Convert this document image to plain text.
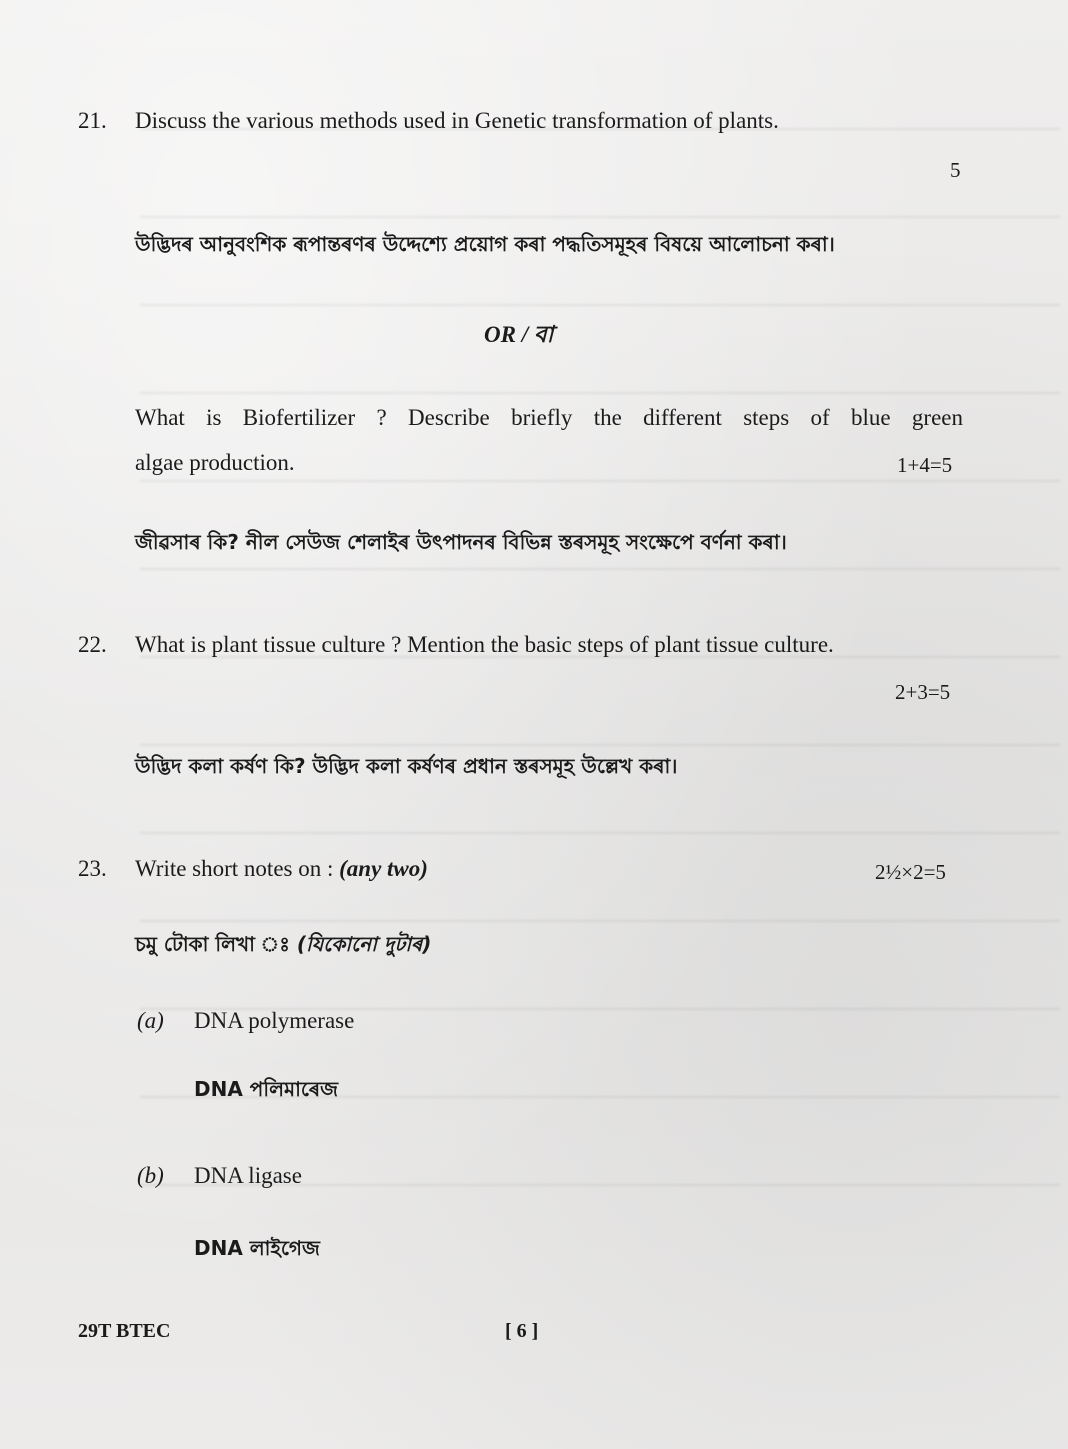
21. Discuss the various methods used in Genetic transformation of plants.
5
উদ্ভিদৰ আনুবংশিক ৰূপান্তৰণৰ উদ্দেশ্যে প্ৰয়োগ কৰা পদ্ধতিসমূহৰ বিষয়ে আলোচনা কৰা।
OR / বা
What is Biofertilizer ? Describe briefly the different steps of blue green
algae production.	1+4=5
জীৱসাৰ কি? নীল সেউজ শেলাইৰ উৎপাদনৰ বিভিন্ন স্তৰসমূহ সংক্ষেপে বৰ্ণনা কৰা।
22. What is plant tissue culture ? Mention the basic steps of plant tissue culture.
2+3=5
উদ্ভিদ কলা কৰ্ষণ কি? উদ্ভিদ কলা কৰ্ষণৰ প্ৰধান স্তৰসমূহ উল্লেখ কৰা।
23. Write short notes on : (any two)	2½×2=5
চমু টোকা লিখা ঃ (যিকোনো দুটাৰ)
(a) DNA polymerase
DNA পলিমাৰেজ
(b) DNA ligase
DNA লাইগেজ
29T BTEC	[ 6 ]
